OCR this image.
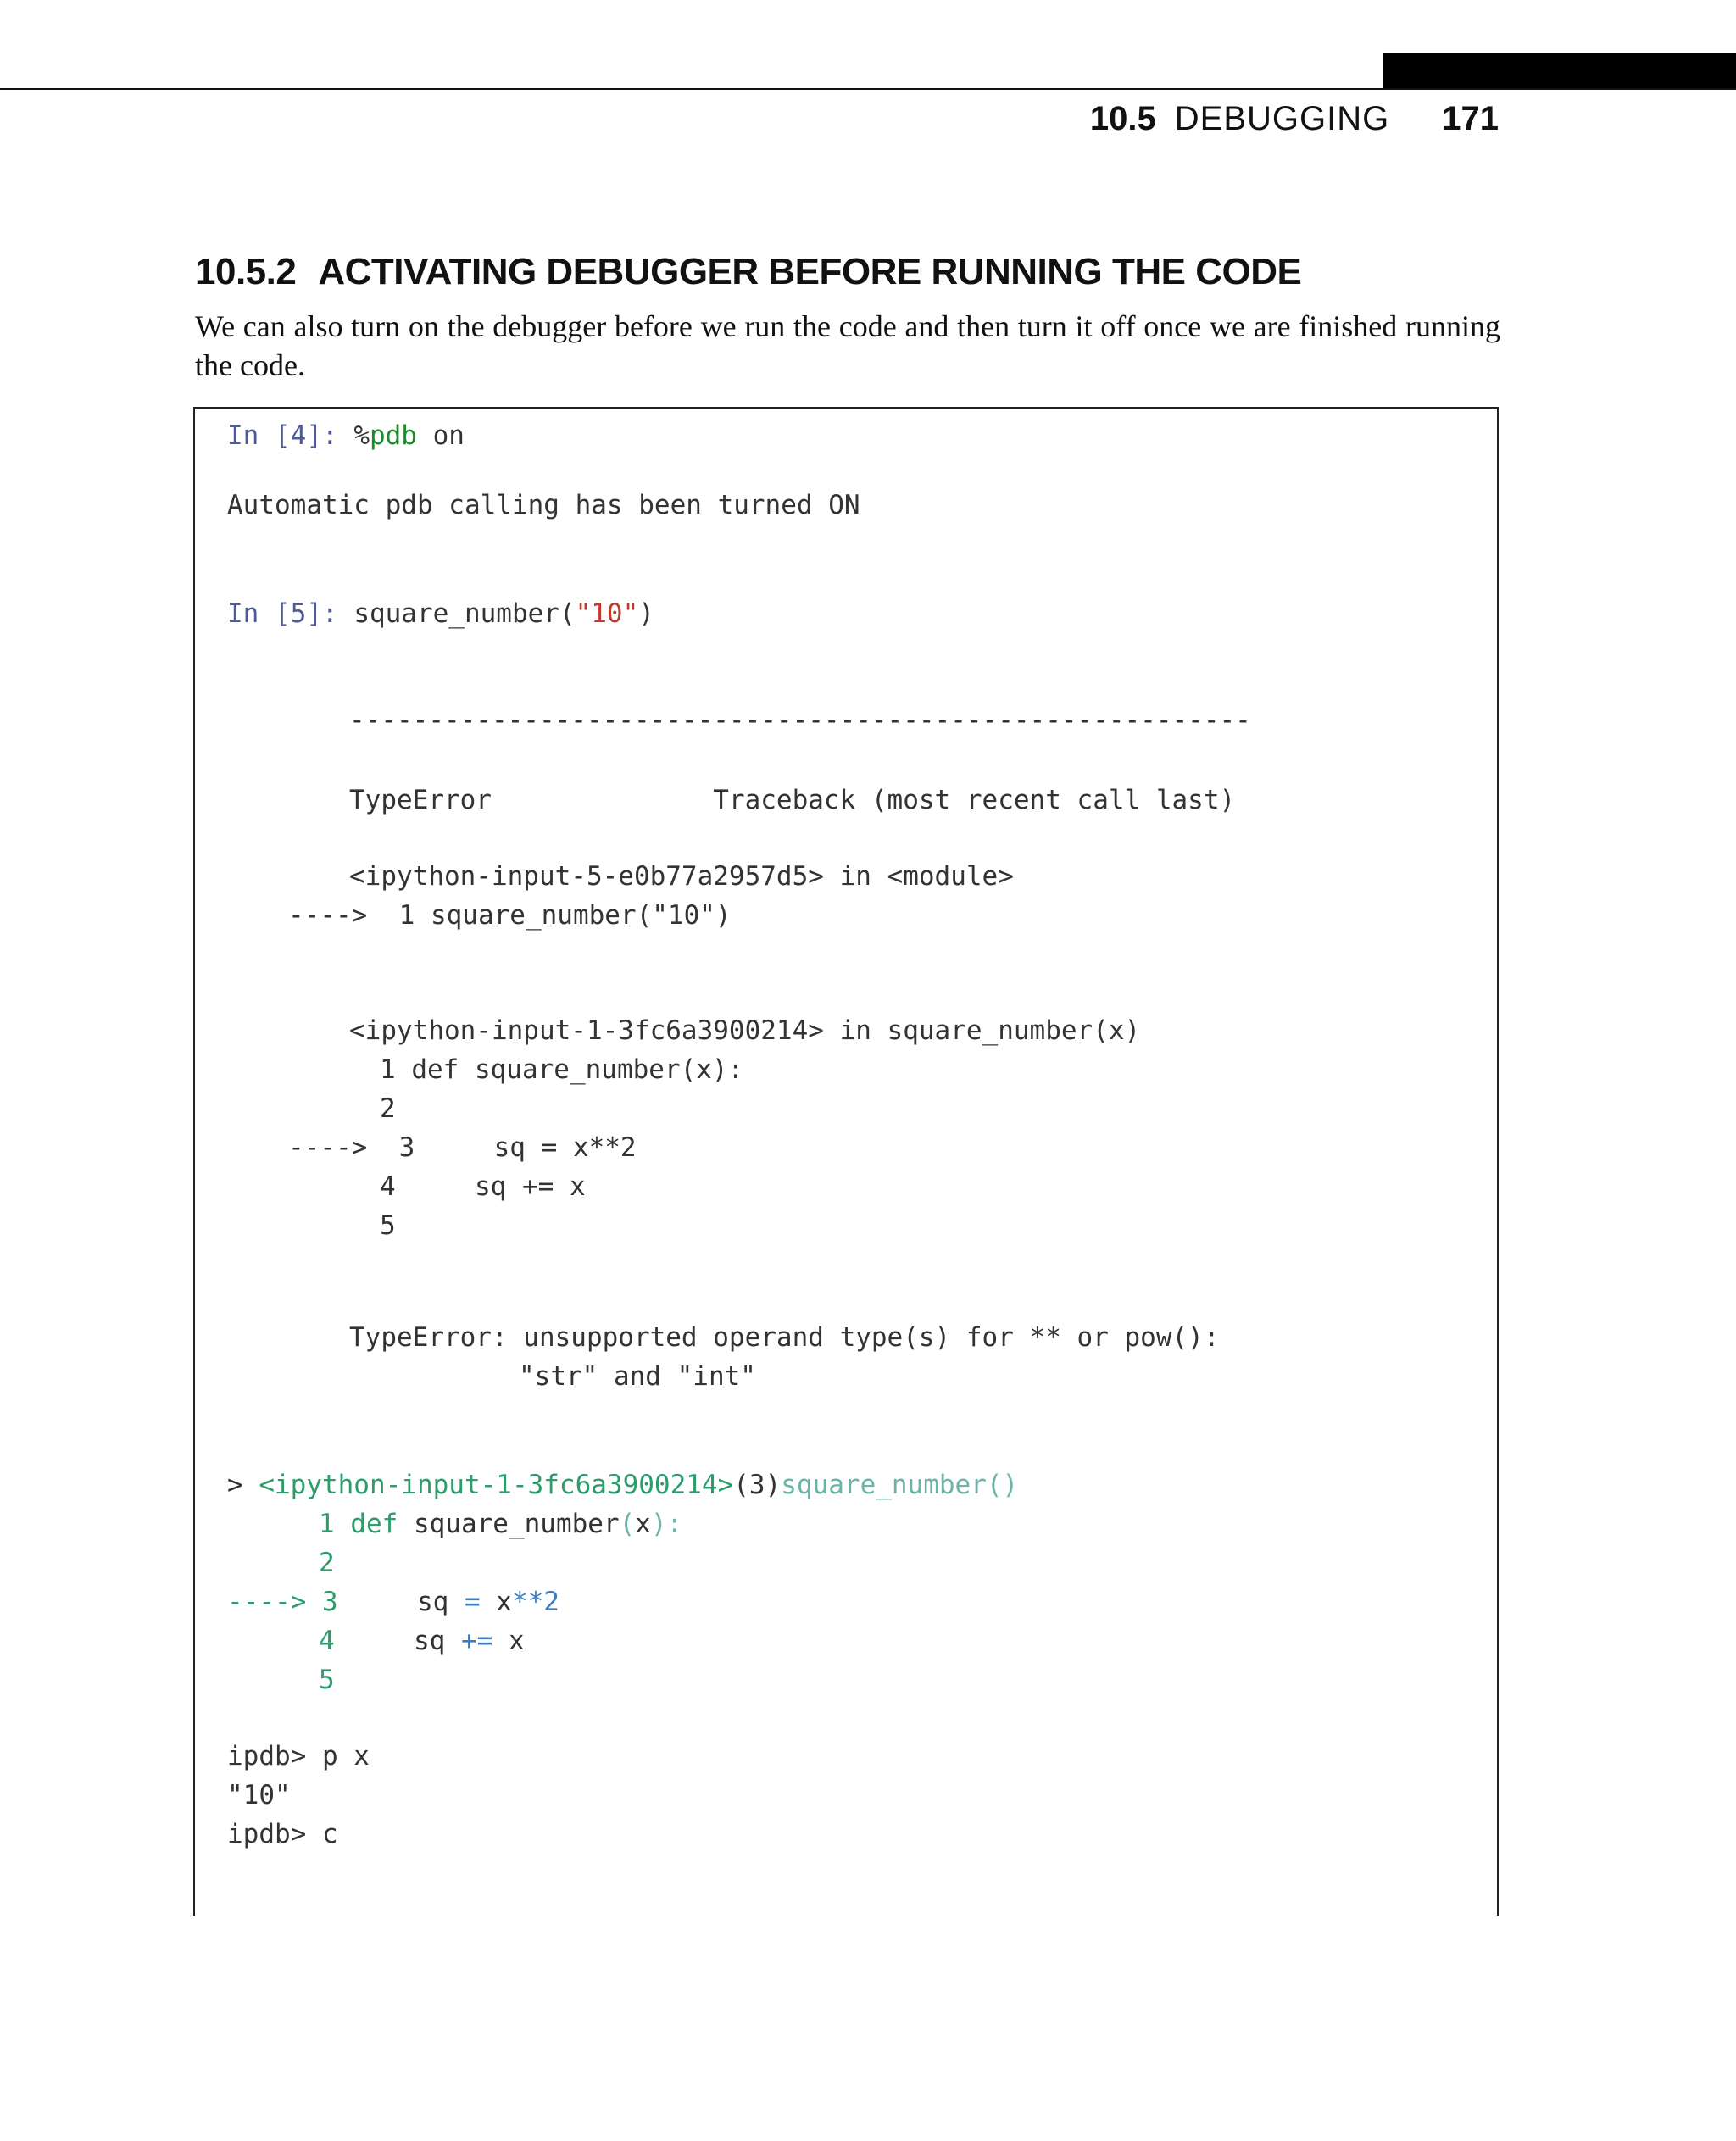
10.5 DEBUGGING 171
10.5.2 ACTIVATING DEBUGGER BEFORE RUNNING THE CODE
We can also turn on the debugger before we run the code and then turn it off once we are finished running the code.
In [4]: %pdb on
Automatic pdb calling has been turned ON
In [5]: square_number("10")
---------------------------------------------------------
TypeError              Traceback (most recent call last)
<ipython-input-5-e0b77a2957d5> in <module>
---->  1 square_number("10")
<ipython-input-1-3fc6a3900214> in square_number(x)
1 def square_number(x):
2
---->  3     sq = x**2
4     sq += x
5
TypeError: unsupported operand type(s) for ** or pow():
"str" and "int"
> <ipython-input-1-3fc6a3900214>(3)square_number()
1 def square_number(x):
2
----> 3     sq = x**2
4     sq += x
5
ipdb> p x
"10"
ipdb> c
